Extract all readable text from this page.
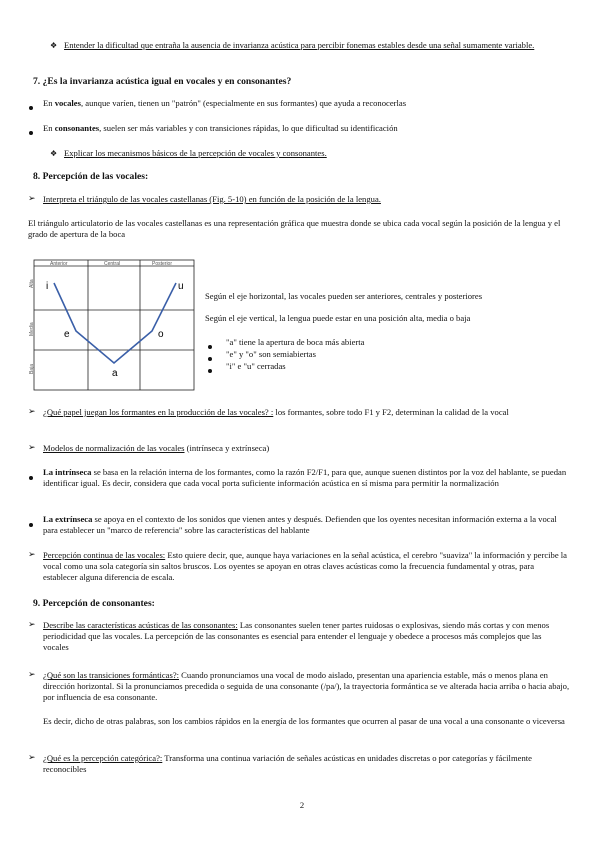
❖ Entender la dificultad que entraña la ausencia de invarianza acústica para percibir fonemas estables desde una señal sumamente variable.
7. ¿Es la invarianza acústica igual en vocales y en consonantes?
En vocales, aunque varíen, tienen un "patrón" (especialmente en sus formantes) que ayuda a reconocerlas
En consonantes, suelen ser más variables y con transiciones rápidas, lo que dificultad su identificación
❖ Explicar los mecanismos básicos de la percepción de vocales y consonantes.
8. Percepción de las vocales:
➢ Interpreta el triángulo de las vocales castellanas (Fig. 5-10) en función de la posición de la lengua.
El triángulo articulatorio de las vocales castellanas es una representación gráfica que muestra donde se ubica cada vocal según la posición de la lengua y el grado de apertura de la boca
Anterior	Central	Posterior
Alta
Media
Baja
i	u
e	o
a
Según el eje horizontal, las vocales pueden ser anteriores, centrales y posteriores
Según el eje vertical, la lengua puede estar en una posición alta, media o baja
"a" tiene la apertura de boca más abierta
"e" y "o" son semiabiertas
"i" e "u" cerradas
➢ ¿Qué papel juegan los formantes en la producción de las vocales? : los formantes, sobre todo F1 y F2, determinan la calidad de la vocal
➢ Modelos de normalización de las vocales (intrínseca y extrínseca)
La intrínseca se basa en la relación interna de los formantes, como la razón F2/F1, para que, aunque suenen distintos por la voz del hablante, se puedan identificar igual. Es decir, considera que cada vocal porta suficiente información acústica en sí misma para permitir la normalización
La extrínseca se apoya en el contexto de los sonidos que vienen antes y después. Defienden que los oyentes necesitan información externa a la vocal para establecer un "marco de referencia" sobre las características del hablante
➢ Percepción continua de las vocales: Esto quiere decir, que, aunque haya variaciones en la señal acústica, el cerebro "suaviza" la información y percibe la vocal como una sola categoría sin saltos bruscos. Los oyentes se apoyan en otras claves acústicas como la frecuencia fundamental y otras, para establecer alguna diferencia de escala.
9. Percepción de consonantes:
➢ Describe las características acústicas de las consonantes: Las consonantes suelen tener partes ruidosas o explosivas, siendo más cortas y con menos periodicidad que las vocales. La percepción de las consonantes es esencial para entender el lenguaje y obedece a procesos más complejos que las vocales
➢ ¿Qué son las transiciones formánticas?: Cuando pronunciamos una vocal de modo aislado, presentan una apariencia estable, más o menos plana en dirección horizontal. Si la pronunciamos precedida o seguida de una consonante (/pa/), la trayectoria formántica se ve alterada hacia arriba o hacia abajo, por influencia de esa consonante.
Es decir, dicho de otras palabras, son los cambios rápidos en la energía de los formantes que ocurren al pasar de una vocal a una consonante o viceversa
➢ ¿Qué es la percepción categórica?: Transforma una continua variación de señales acústicas en unidades discretas o por categorías y fácilmente reconocibles
2
